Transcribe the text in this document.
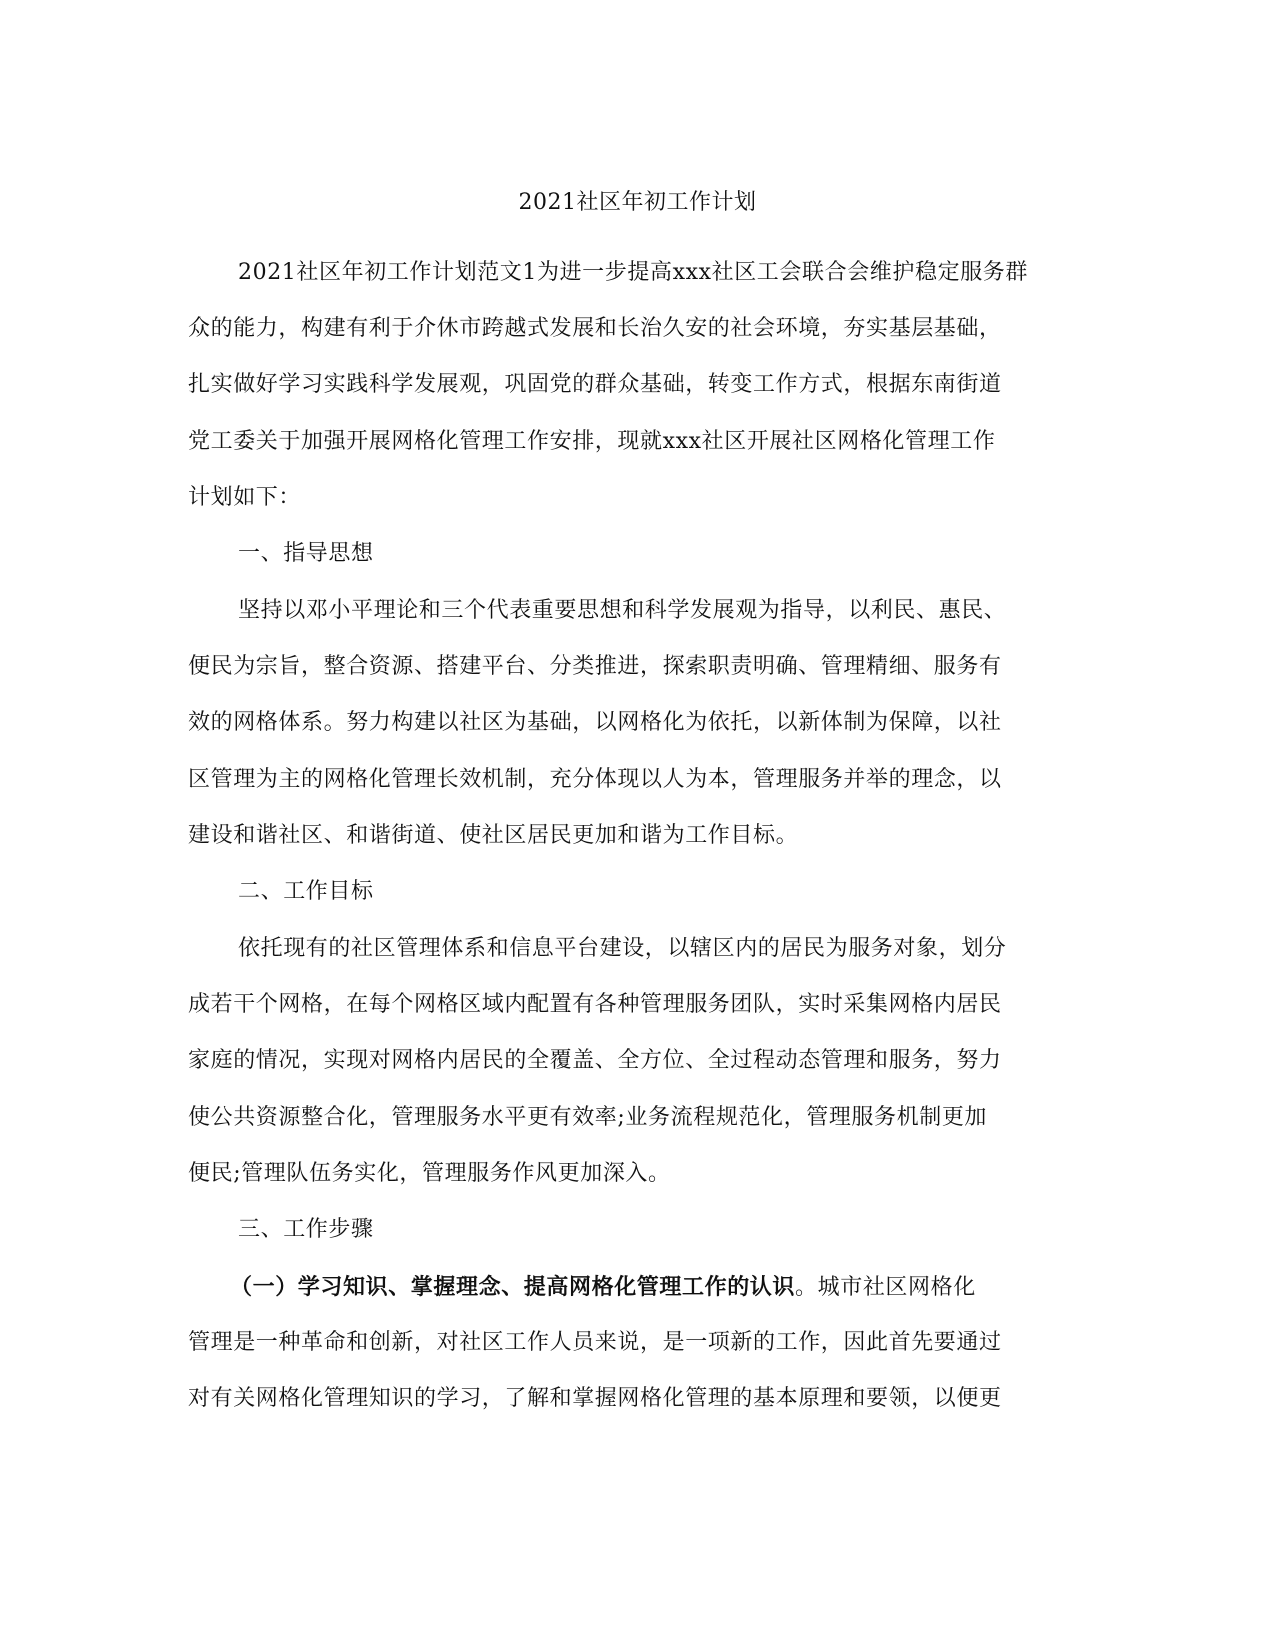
2021社区年初工作计划
2021社区年初工作计划范文1为进一步提高xxx社区工会联合会维护稳定服务群
众的能力，构建有利于介休市跨越式发展和长治久安的社会环境，夯实基层基础，
扎实做好学习实践科学发展观，巩固党的群众基础，转变工作方式，根据东南街道
党工委关于加强开展网格化管理工作安排，现就xxx社区开展社区网格化管理工作
计划如下：
一、指导思想
坚持以邓小平理论和三个代表重要思想和科学发展观为指导，以利民、惠民、
便民为宗旨，整合资源、搭建平台、分类推进，探索职责明确、管理精细、服务有
效的网格体系。努力构建以社区为基础，以网格化为依托，以新体制为保障，以社
区管理为主的网格化管理长效机制，充分体现以人为本，管理服务并举的理念，以
建设和谐社区、和谐街道、使社区居民更加和谐为工作目标。
二、工作目标
依托现有的社区管理体系和信息平台建设，以辖区内的居民为服务对象，划分
成若干个网格，在每个网格区域内配置有各种管理服务团队，实时采集网格内居民
家庭的情况，实现对网格内居民的全覆盖、全方位、全过程动态管理和服务，努力
使公共资源整合化，管理服务水平更有效率;业务流程规范化，管理服务机制更加
便民;管理队伍务实化，管理服务作风更加深入。
三、工作步骤
（一）学习知识、掌握理念、提高网格化管理工作的认识。城市社区网格化
管理是一种革命和创新，对社区工作人员来说，是一项新的工作，因此首先要通过
对有关网格化管理知识的学习，了解和掌握网格化管理的基本原理和要领，以便更
